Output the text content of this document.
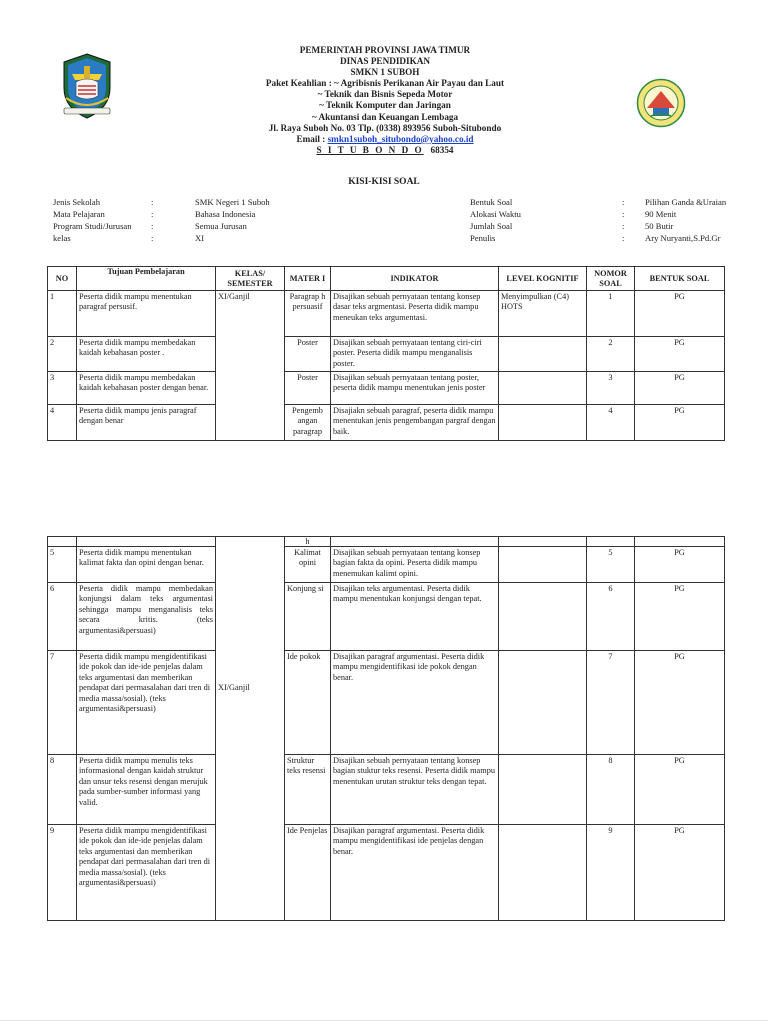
PEMERINTAH PROVINSI JAWA TIMUR
DINAS PENDIDIKAN
SMKN 1 SUBOH
Paket Keahlian : ~ Agribisnis Perikanan Air Payau dan Laut
~ Teknik dan Bisnis Sepeda Motor
~ Teknik Komputer dan Jaringan
~ Akuntansi dan Keuangan Lembaga
Jl. Raya Suboh No. 03 Tlp. (0338) 893956 Suboh-Situbondo
Email : smkn1suboh_situbondo@yahoo.co.id
S I T U B O N D O 68354
KISI-KISI SOAL
Jenis Sekolah	:	SMK Negeri 1 Suboh
Mata Pelajaran	:	Bahasa Indonesia
Program Studi/Jurusan :	Semua Jurusan
kelas	:	XI
Bentuk Soal	: Pilihan Ganda &Uraian
Alokasi Waktu	: 90 Menit
Jumlah Soal	: 50 Butir
Penulis	: Ary Nuryanti,S.Pd.Gr
NO	Tujuan Pembelajaran	KELAS/ SEMESTER	MATER I	INDIKATOR	LEVEL KOGNITIF	NOMOR SOAL	BENTUK SOAL
1	Peserta didik mampu menentukan paragraf persusif.	XI/Ganjil	Paragrap h persuasif	Disajikan sebuah pernyataan tentang konsep dasar teks argmentasi. Peserta didik mampu meneukan teks argumentasi.	Menyimpulkan (C4) HOTS	1	PG
2	Peserta didik mampu membedakan kaidah kebahasan poster .		Poster	Disajikan sebuah pernyataan tentang ciri-ciri poster. Peserta didik mampu menganalisis poster.		2	PG
3	Peserta didik mampu membedakan kaidah kebahasan poster dengan benar.		Poster	Disajikan sebuah pernyataan tentang poster, peserta didik mampu menentukan jenis poster		3	PG
4	Peserta didik mampu jenis paragraf dengan benar		Pengemb angan paragrap	Disajiakn sebuah paragraf, peserta didik mampu menentukan jenis pengembangan pargraf dengan baik.		4	PG

		XI/Ganjil	h				
5	Peserta didik mampu menentukan kalimat fakta dan opini dengan benar.		Kalimat opini	Disajikan sebuah pernyataan tentang konsep bagian fakta da opini. Peserta didik mampu menemukan kalimt opini.		5	PG
6	Peserta didik mampu membedakan konjungsi dalam teks argumentasi sehingga mampu menganalisis teks secara kritis. (teks argumentasi&persuasi)		Konjung si	Disajikan teks argumentasi. Peserta didik mampu menentukan konjungsi dengan tepat.		6	PG
7	Peserta didik mampu mengidentifikasi ide pokok dan ide-ide penjelas dalam teks argumentasi dan memberikan pendapat dari permasalahan dari tren di media massa/sosial). (teks argumentasi&persuasi)		Ide pokok	Disajikan paragraf argumentasi. Peserta didik mampu mengidentifikasi ide pokok dengan benar.		7	PG
8	Peserta didik mampu menulis teks informasional dengan kaidah struktur dan unsur teks resensi dengan merujuk pada sumber-sumber informasi yang valid.		Struktur teks resensi	Disajikan sebuah pernyataan tentang konsep bagian stuktur teks resensi. Peserta didik mampu menentukan urutan struktur teks dengan tepat.		8	PG
9	Peserta didik mampu mengidentifikasi ide pokok dan ide-ide penjelas dalam teks argumentasi dan memberikan pendapat dari permasalahan dari tren di media massa/sosial). (teks argumentasi&persuasi)		Ide Penjelas	Disajikan paragraf argumentasi. Peserta didik mampu mengidentifikasi ide penjelas dengan benar.		9	PG
